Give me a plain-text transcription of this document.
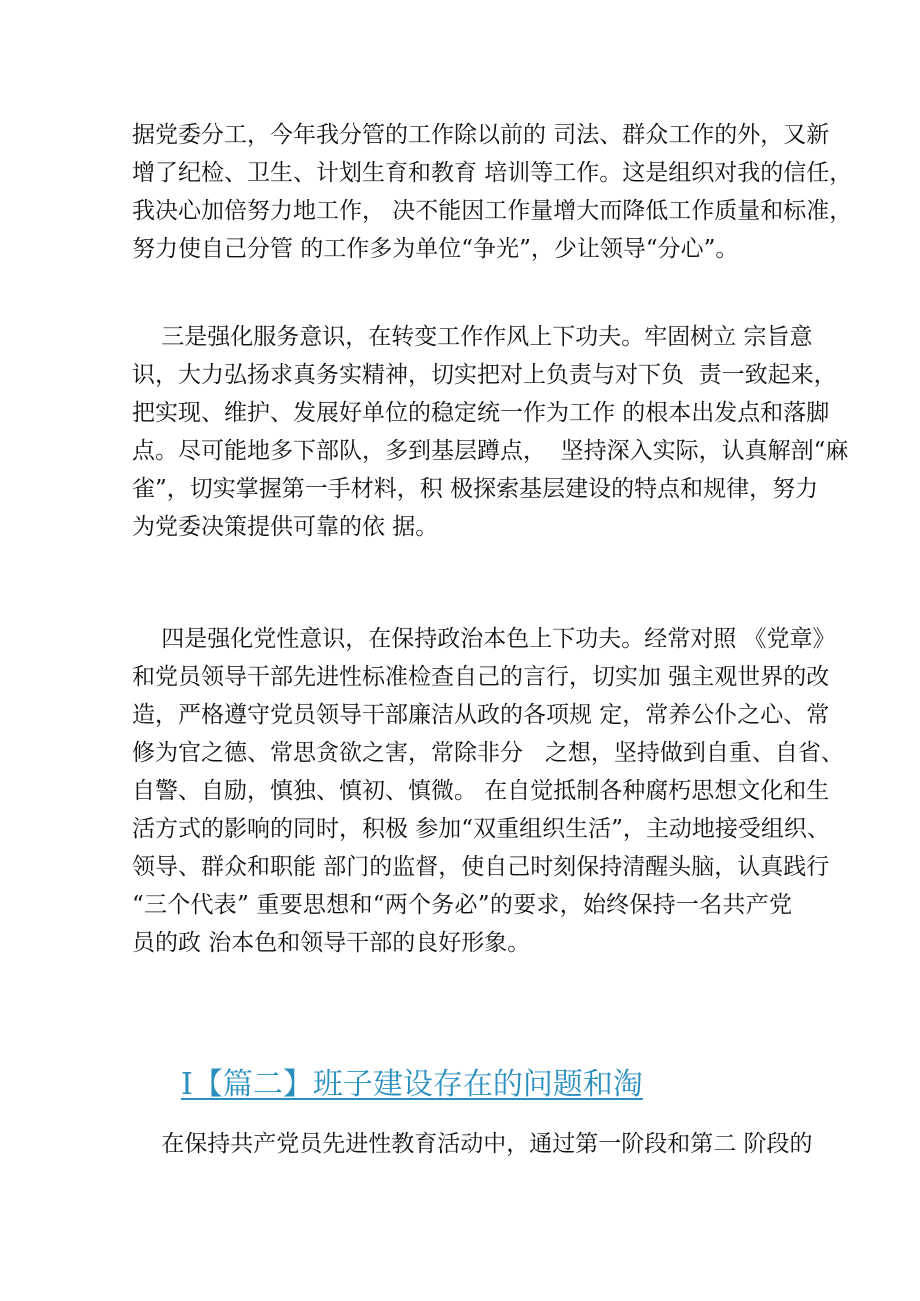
据党委分工，今年我分管的工作除以前的 司法、群众工作的外，又新
增了纪检、卫生、计划生育和教育 培训等工作。这是组织对我的信任，
我决心加倍努力地工作， 决不能因工作量增大而降低工作质量和标准，
努力使自己分管 的工作多为单位“争光”，少让领导“分心”。
三是强化服务意识，在转变工作作风上下功夫。牢固树立 宗旨意
识，大力弘扬求真务实精神，切实把对上负责与对下负  责一致起来，
把实现、维护、发展好单位的稳定统一作为工作 的根本出发点和落脚
点。尽可能地多下部队，多到基层蹲点，  坚持深入实际，认真解剖“麻
雀”，切实掌握第一手材料，积 极探索基层建设的特点和规律，努力
为党委决策提供可靠的依 据。
四是强化党性意识，在保持政治本色上下功夫。经常对照 《党章》
和党员领导干部先进性标准检查自己的言行，切实加 强主观世界的改
造，严格遵守党员领导干部廉洁从政的各项规 定，常养公仆之心、常
修为官之德、常思贪欲之害，常除非分   之想，坚持做到自重、自省、
自警、自励，慎独、慎初、慎微。 在自觉抵制各种腐朽思想文化和生
活方式的影响的同时，积极 参加“双重组织生活”，主动地接受组织、
领导、群众和职能 部门的监督，使自己时刻保持清醒头脑，认真践行
“三个代表” 重要思想和“两个务必”的要求，始终保持一名共产党
员的政 治本色和领导干部的良好形象。
I【篇二】班子建设存在的问题和淘
在保持共产党员先进性教育活动中，通过第一阶段和第二 阶段的
